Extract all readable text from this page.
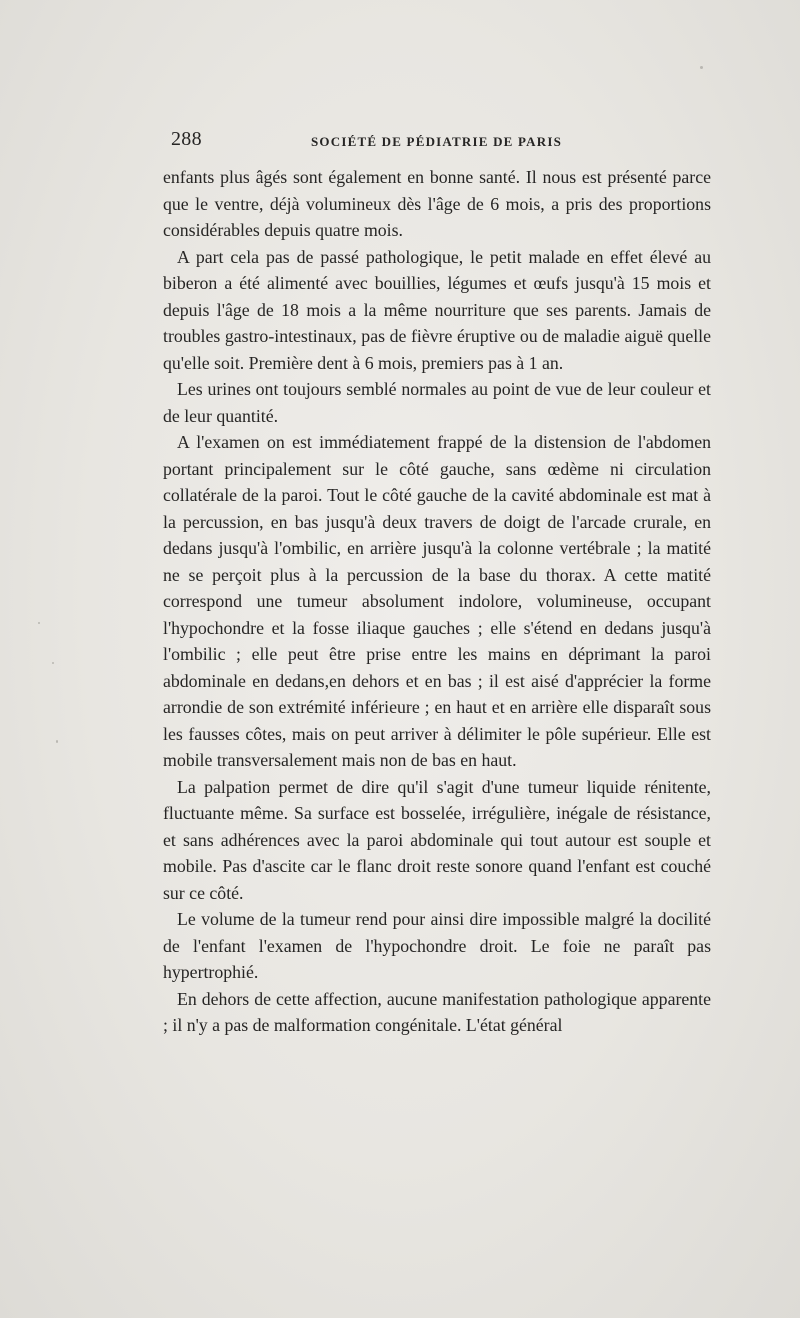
288	SOCIÉTÉ DE PÉDIATRIE DE PARIS

enfants plus âgés sont également en bonne santé. Il nous est présenté parce que le ventre, déjà volumineux dès l'âge de 6 mois, a pris des proportions considérables depuis quatre mois.

A part cela pas de passé pathologique, le petit malade en effet élevé au biberon a été alimenté avec bouillies, légumes et œufs jusqu'à 15 mois et depuis l'âge de 18 mois a la même nourriture que ses parents. Jamais de troubles gastro-intestinaux, pas de fièvre éruptive ou de maladie aiguë quelle qu'elle soit. Première dent à 6 mois, premiers pas à 1 an.

Les urines ont toujours semblé normales au point de vue de leur couleur et de leur quantité.

A l'examen on est immédiatement frappé de la distension de l'abdomen portant principalement sur le côté gauche, sans œdème ni circulation collatérale de la paroi. Tout le côté gauche de la cavité abdominale est mat à la percussion, en bas jusqu'à deux travers de doigt de l'arcade crurale, en dedans jusqu'à l'ombilic, en arrière jusqu'à la colonne vertébrale ; la matité ne se perçoit plus à la percussion de la base du thorax. A cette matité correspond une tumeur absolument indolore, volumineuse, occupant l'hypochondre et la fosse iliaque gauches ; elle s'étend en dedans jusqu'à l'ombilic ; elle peut être prise entre les mains en déprimant la paroi abdominale en dedans,en dehors et en bas ; il est aisé d'apprécier la forme arrondie de son extrémité inférieure ; en haut et en arrière elle disparaît sous les fausses côtes, mais on peut arriver à délimiter le pôle supérieur. Elle est mobile transversalement mais non de bas en haut.

La palpation permet de dire qu'il s'agit d'une tumeur liquide rénitente, fluctuante même. Sa surface est bosselée, irrégulière, inégale de résistance, et sans adhérences avec la paroi abdominale qui tout autour est souple et mobile. Pas d'ascite car le flanc droit reste sonore quand l'enfant est couché sur ce côté.

Le volume de la tumeur rend pour ainsi dire impossible malgré la docilité de l'enfant l'examen de l'hypochondre droit. Le foie ne paraît pas hypertrophié.

En dehors de cette affection, aucune manifestation pathologique apparente ; il n'y a pas de malformation congénitale. L'état général
